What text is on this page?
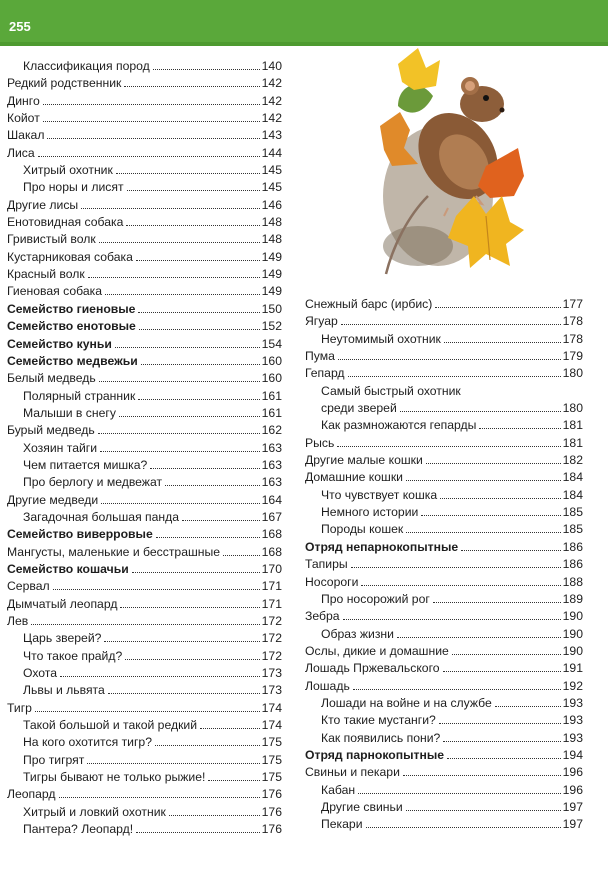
255
Классификация пород	140
Редкий родственник	142
Динго	142
Койот	142
Шакал	143
Лиса	144
Хитрый охотник	145
Про норы и лисят	145
Другие лисы	146
Енотовидная собака	148
Гривистый волк	148
Кустарниковая собака	149
Красный волк	149
Гиеновая собака	149
Семейство гиеновые	150
Семейство енотовые	152
Семейство куньи	154
Семейство медвежьи	160
Белый медведь	160
Полярный странник	161
Малыши в снегу	161
Бурый медведь	162
Хозяин тайги	163
Чем питается мишка?	163
Про берлогу и медвежат	163
Другие медведи	164
Загадочная большая панда	167
Семейство виверровые	168
Мангусты, маленькие и бесстрашные	168
Семейство кошачьи	170
Сервал	171
Дымчатый леопард	171
Лев	172
Царь зверей?	172
Что такое прайд?	172
Охота	173
Львы и львята	173
Тигр	174
Такой большой и такой редкий	174
На кого охотится тигр?	175
Про тигрят	175
Тигры бывают не только рыжие!	175
Леопард	176
Хитрый и ловкий охотник	176
Пантера? Леопард!	176
Снежный барс (ирбис)	177
Ягуар	178
Неутомимый охотник	178
Пума	179
Гепард	180
Самый быстрый охотник
среди зверей	180
Как размножаются гепарды	181
Рысь	181
Другие малые кошки	182
Домашние кошки	184
Что чувствует кошка	184
Немного истории	185
Породы кошек	185
Отряд непарнокопытные	186
Тапиры	186
Носороги	188
Про носорожий рог	189
Зебра	190
Образ жизни	190
Ослы, дикие и домашние	190
Лошадь Пржевальского	191
Лошадь	192
Лошади на войне и на службе	193
Кто такие мустанги?	193
Как появились пони?	193
Отряд парнокопытные	194
Свиньи и пекари	196
Кабан	196
Другие свиньи	197
Пекари	197
